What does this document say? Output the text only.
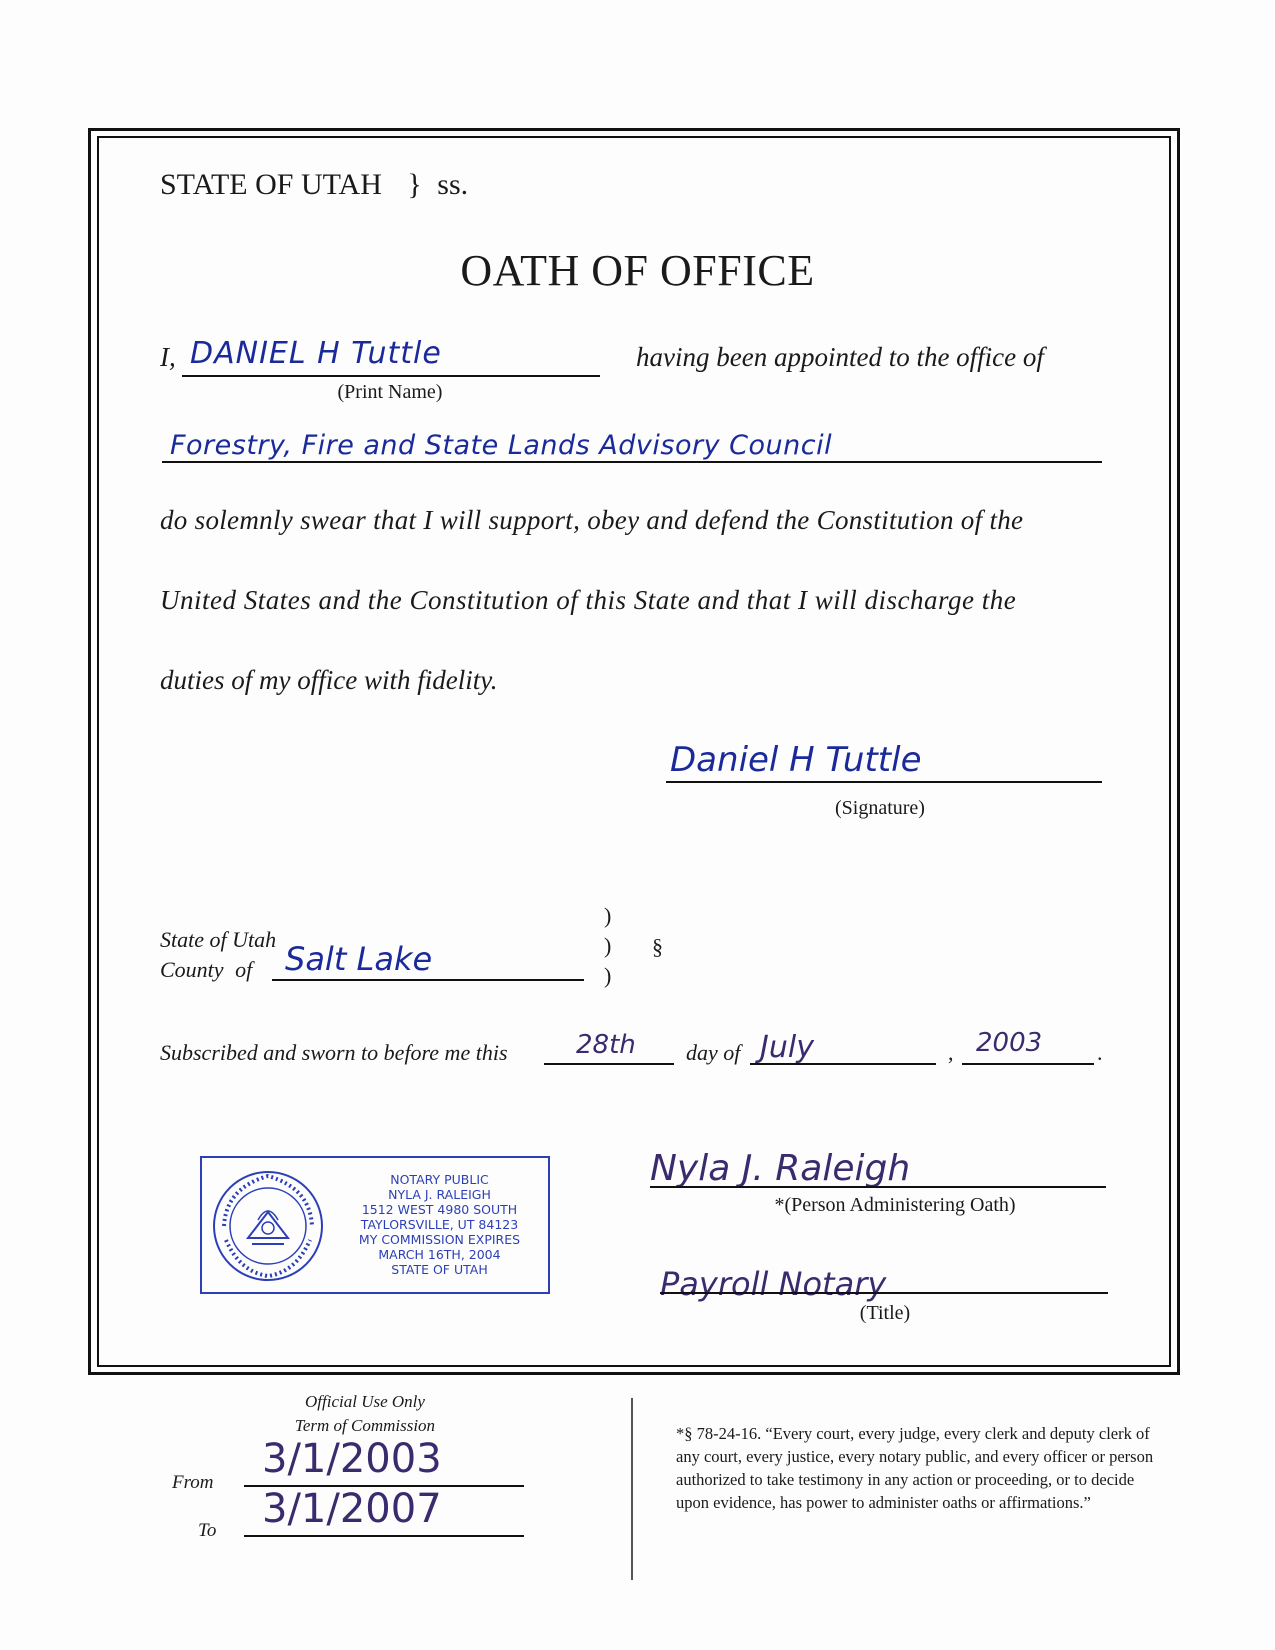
STATE OF UTAH } ss.
OATH OF OFFICE
I, DANIEL H Tuttle
(Print Name)
having been appointed to the office of
Forestry, Fire and State Lands Advisory Council
do solemnly swear that I will support, obey and defend the Constitution of the
United States and the Constitution of this State and that I will discharge the
duties of my office with fidelity.
Daniel H Tuttle
(Signature)
State of Utah
County of Salt Lake
)
)
)
§
Subscribed and sworn to before me this	28th day of July	, 2003 .
NOTARY PUBLIC
NYLA J. RALEIGH
1512 WEST 4980 SOUTH
TAYLORSVILLE, UT 84123
MY COMMISSION EXPIRES
MARCH 16TH, 2004
STATE OF UTAH
Nyla J. Raleigh
*(Person Administering Oath)
Payroll Notary
(Title)
Official Use Only
Term of Commission
From
3/1/2003
To 3/1/2007
*§ 78-24-16. “Every court, every judge, every clerk and deputy clerk of any court, every justice, every notary public, and every officer or person authorized to take testimony in any action or proceeding, or to decide upon evidence, has power to administer oaths or affirmations.”
